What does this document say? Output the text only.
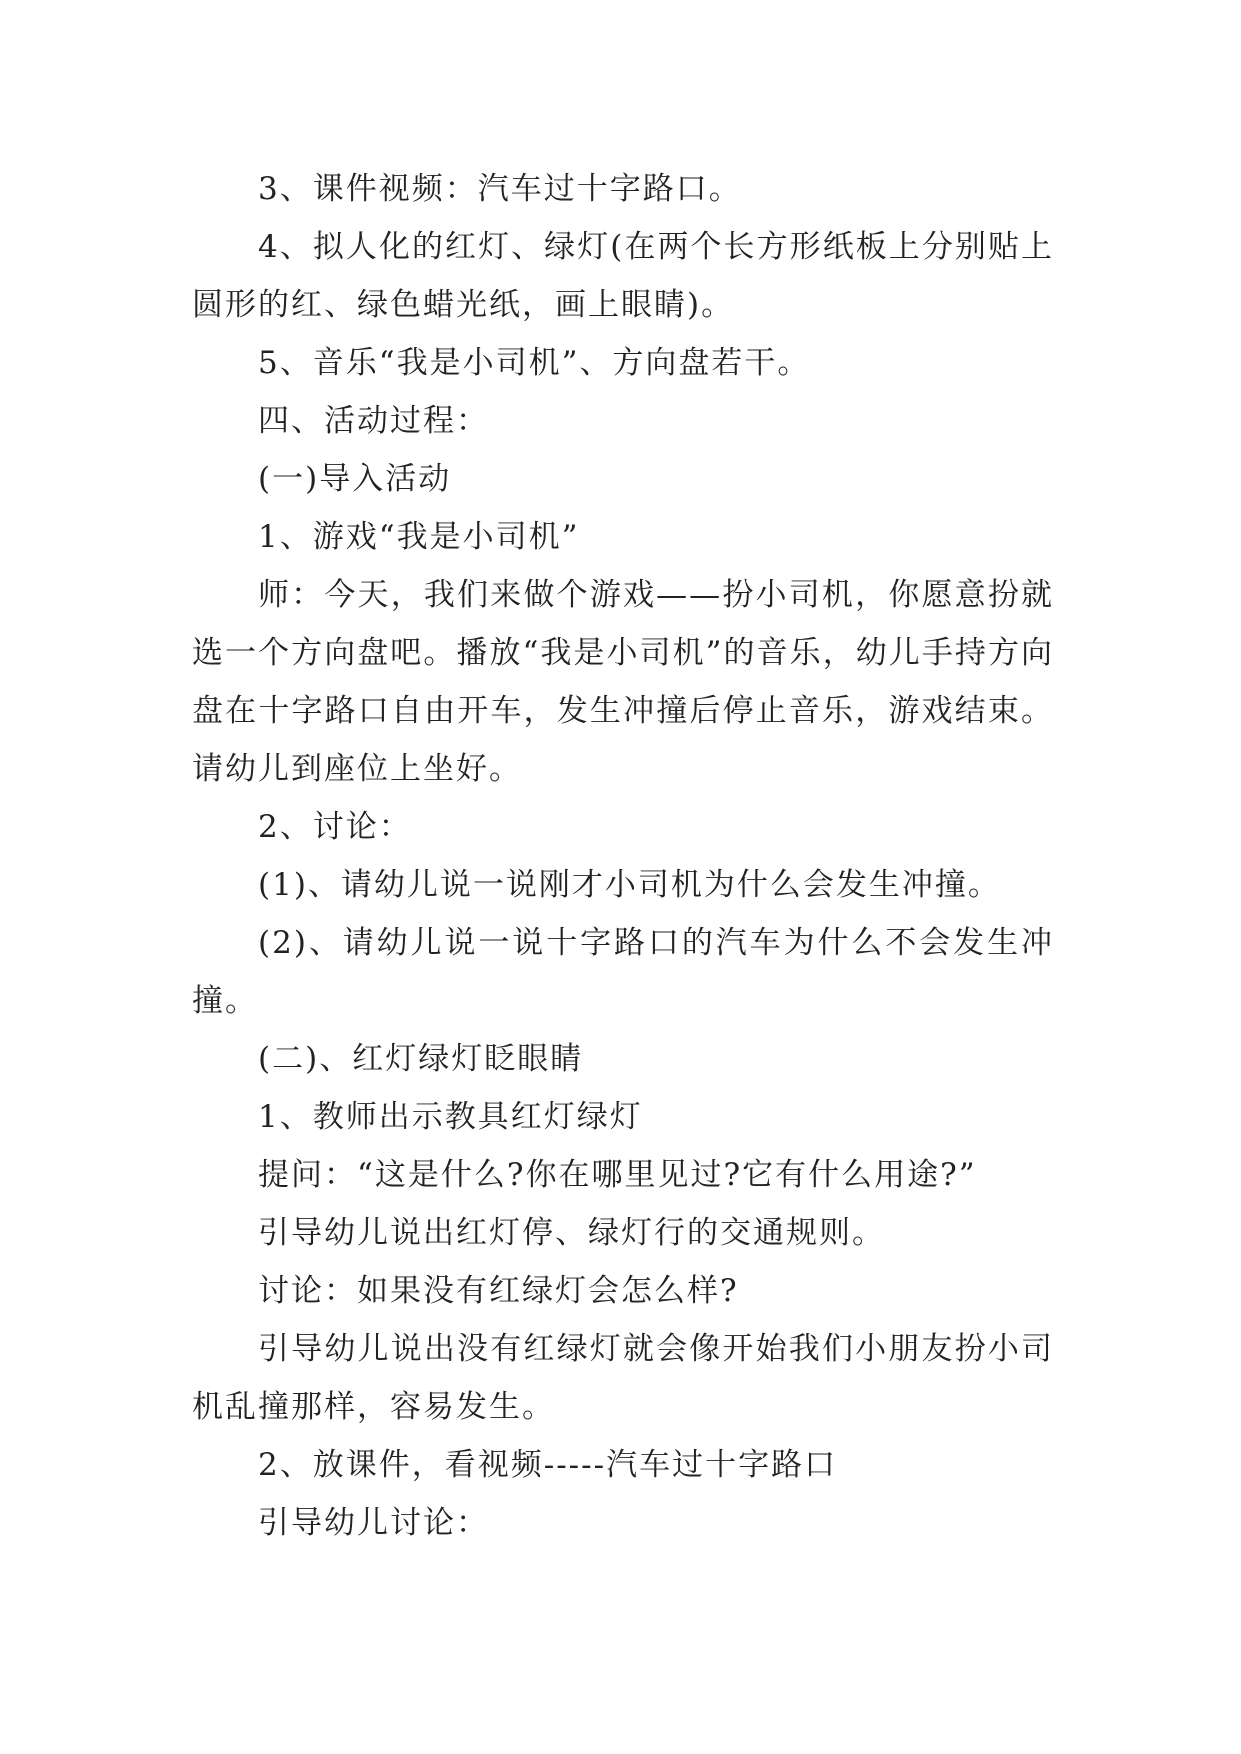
3、课件视频：汽车过十字路口。

4、拟人化的红灯、绿灯(在两个长方形纸板上分别贴上圆形的红、绿色蜡光纸，画上眼睛)。

5、音乐“我是小司机”、方向盘若干。

四、活动过程：

(一)导入活动

1、游戏“我是小司机”

师：今天，我们来做个游戏——扮小司机，你愿意扮就选一个方向盘吧。播放“我是小司机”的音乐，幼儿手持方向盘在十字路口自由开车，发生冲撞后停止音乐，游戏结束。请幼儿到座位上坐好。

2、讨论：

(1)、请幼儿说一说刚才小司机为什么会发生冲撞。

(2)、请幼儿说一说十字路口的汽车为什么不会发生冲撞。

(二)、红灯绿灯眨眼睛

1、教师出示教具红灯绿灯

提问：“这是什么?你在哪里见过?它有什么用途?”

引导幼儿说出红灯停、绿灯行的交通规则。

讨论：如果没有红绿灯会怎么样?

引导幼儿说出没有红绿灯就会像开始我们小朋友扮小司机乱撞那样，容易发生。

2、放课件，看视频-----汽车过十字路口

引导幼儿讨论：
